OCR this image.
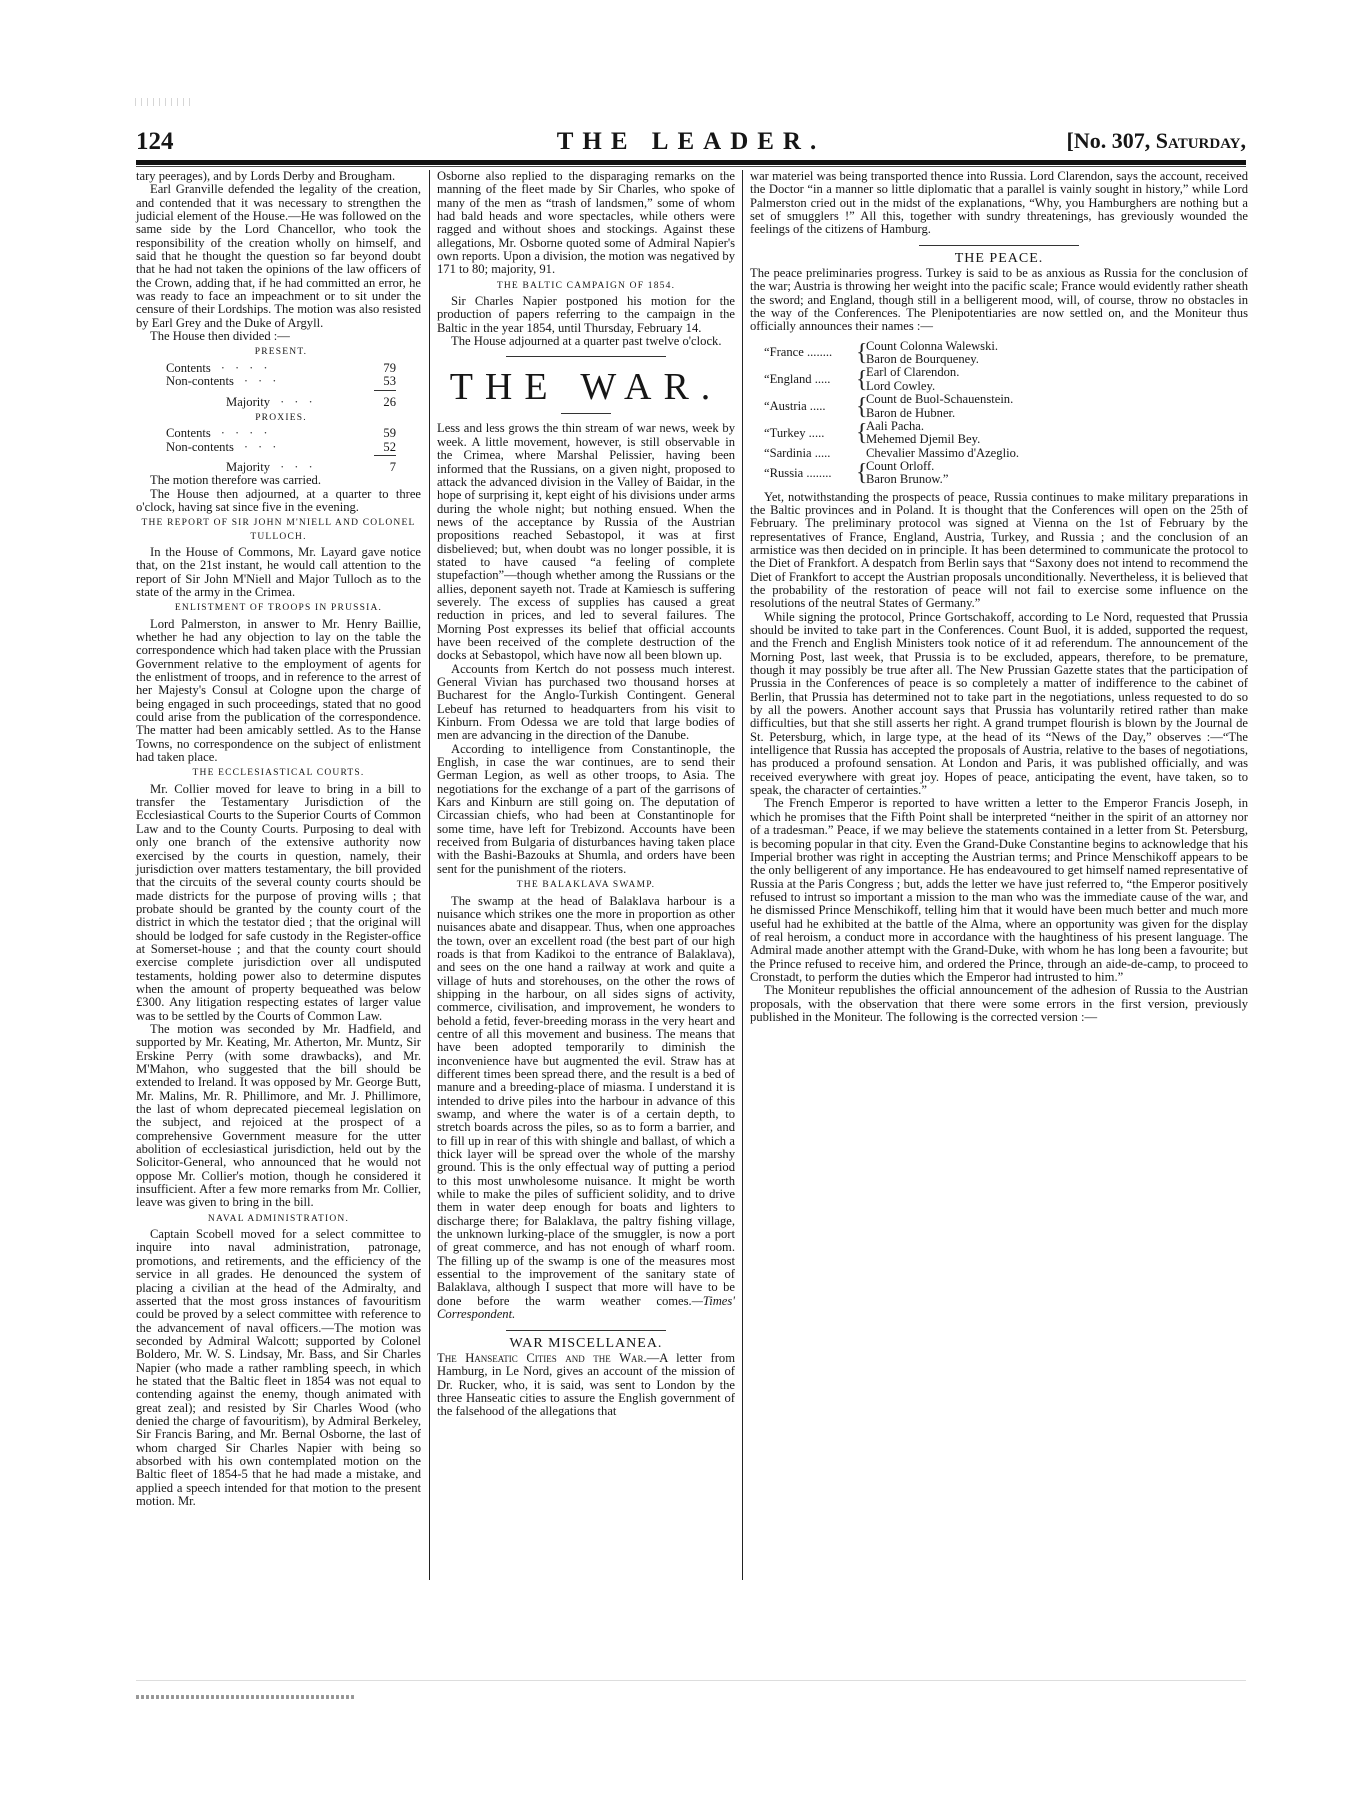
124	THE LEADER.	[No. 307, Saturday,

tary peerages), and by Lords Derby and Brougham.

Earl Granville defended the legality of the creation, and contended that it was necessary to strengthen the judicial element of the House.—He was followed on the same side by the Lord Chancellor, who took the responsibility of the creation wholly on himself, and said that he thought the question so far beyond doubt that he had not taken the opinions of the law officers of the Crown, adding that, if he had committed an error, he was ready to face an impeachment or to sit under the censure of their Lordships. The motion was also resisted by Earl Grey and the Duke of Argyll.

The House then divided :—

PRESENT.
Contents ····	79
Non-contents ···	53
Majority ···	26
PROXIES.
Contents ····	59
Non-contents ···	52
Majority ···	7

The motion therefore was carried.

The House then adjourned, at a quarter to three o'clock, having sat since five in the evening.

THE REPORT OF SIR JOHN M'NIELL AND COLONEL TULLOCH.

In the House of Commons, Mr. Layard gave notice that, on the 21st instant, he would call attention to the report of Sir John M'Niell and Major Tulloch as to the state of the army in the Crimea.

ENLISTMENT OF TROOPS IN PRUSSIA.

Lord Palmerston, in answer to Mr. Henry Baillie, whether he had any objection to lay on the table the correspondence which had taken place with the Prussian Government relative to the employment of agents for the enlistment of troops, and in reference to the arrest of her Majesty's Consul at Cologne upon the charge of being engaged in such proceedings, stated that no good could arise from the publication of the correspondence. The matter had been amicably settled. As to the Hanse Towns, no correspondence on the subject of enlistment had taken place.

THE ECCLESIASTICAL COURTS.

Mr. Collier moved for leave to bring in a bill to transfer the Testamentary Jurisdiction of the Ecclesiastical Courts to the Superior Courts of Common Law and to the County Courts. Purposing to deal with only one branch of the extensive authority now exercised by the courts in question, namely, their jurisdiction over matters testamentary, the bill provided that the circuits of the several county courts should be made districts for the purpose of proving wills ; that probate should be granted by the county court of the district in which the testator died ; that the original will should be lodged for safe custody in the Register-office at Somerset-house ; and that the county court should exercise complete jurisdiction over all undisputed testaments, holding power also to determine disputes when the amount of property bequeathed was below £300. Any litigation respecting estates of larger value was to be settled by the Courts of Common Law.

The motion was seconded by Mr. Hadfield, and supported by Mr. Keating, Mr. Atherton, Mr. Muntz, Sir Erskine Perry (with some drawbacks), and Mr. M'Mahon, who suggested that the bill should be extended to Ireland. It was opposed by Mr. George Butt, Mr. Malins, Mr. R. Phillimore, and Mr. J. Phillimore, the last of whom deprecated piecemeal legislation on the subject, and rejoiced at the prospect of a comprehensive Government measure for the utter abolition of ecclesiastical jurisdiction, held out by the Solicitor-General, who announced that he would not oppose Mr. Collier's motion, though he considered it insufficient. After a few more remarks from Mr. Collier, leave was given to bring in the bill.

NAVAL ADMINISTRATION.

Captain Scobell moved for a select committee to inquire into naval administration, patronage, promotions, and retirements, and the efficiency of the service in all grades. He denounced the system of placing a civilian at the head of the Admiralty, and asserted that the most gross instances of favouritism could be proved by a select committee with reference to the advancement of naval officers.—The motion was seconded by Admiral Walcott; supported by Colonel Boldero, Mr. W. S. Lindsay, Mr. Bass, and Sir Charles Napier (who made a rather rambling speech, in which he stated that the Baltic fleet in 1854 was not equal to contending against the enemy, though animated with great zeal); and resisted by Sir Charles Wood (who denied the charge of favouritism), by Admiral Berkeley, Sir Francis Baring, and Mr. Bernal Osborne, the last of whom charged Sir Charles Napier with being so absorbed with his own contemplated motion on the Baltic fleet of 1854-5 that he had made a mistake, and applied a speech intended for that motion to the present motion. Mr.

Osborne also replied to the disparaging remarks on the manning of the fleet made by Sir Charles, who spoke of many of the men as “trash of landsmen,” some of whom had bald heads and wore spectacles, while others were ragged and without shoes and stockings. Against these allegations, Mr. Osborne quoted some of Admiral Napier's own reports. Upon a division, the motion was negatived by 171 to 80; majority, 91.

THE BALTIC CAMPAIGN OF 1854.

Sir Charles Napier postponed his motion for the production of papers referring to the campaign in the Baltic in the year 1854, until Thursday, February 14.

The House adjourned at a quarter past twelve o'clock.

THE WAR.

Less and less grows the thin stream of war news, week by week. A little movement, however, is still observable in the Crimea, where Marshal Pelissier, having been informed that the Russians, on a given night, proposed to attack the advanced division in the Valley of Baidar, in the hope of surprising it, kept eight of his divisions under arms during the whole night; but nothing ensued. When the news of the acceptance by Russia of the Austrian propositions reached Sebastopol, it was at first disbelieved; but, when doubt was no longer possible, it is stated to have caused “a feeling of complete stupefaction”—though whether among the Russians or the allies, deponent sayeth not. Trade at Kamiesch is suffering severely. The excess of supplies has caused a great reduction in prices, and led to several failures. The Morning Post expresses its belief that official accounts have been received of the complete destruction of the docks at Sebastopol, which have now all been blown up.

Accounts from Kertch do not possess much interest. General Vivian has purchased two thousand horses at Bucharest for the Anglo-Turkish Contingent. General Lebeuf has returned to headquarters from his visit to Kinburn. From Odessa we are told that large bodies of men are advancing in the direction of the Danube.

According to intelligence from Constantinople, the English, in case the war continues, are to send their German Legion, as well as other troops, to Asia. The negotiations for the exchange of a part of the garrisons of Kars and Kinburn are still going on. The deputation of Circassian chiefs, who had been at Constantinople for some time, have left for Trebizond. Accounts have been received from Bulgaria of disturbances having taken place with the Bashi-Bazouks at Shumla, and orders have been sent for the punishment of the rioters.

THE BALAKLAVA SWAMP.

The swamp at the head of Balaklava harbour is a nuisance which strikes one the more in proportion as other nuisances abate and disappear. Thus, when one approaches the town, over an excellent road (the best part of our high roads is that from Kadikoi to the entrance of Balaklava), and sees on the one hand a railway at work and quite a village of huts and storehouses, on the other the rows of shipping in the harbour, on all sides signs of activity, commerce, civilisation, and improvement, he wonders to behold a fetid, fever-breeding morass in the very heart and centre of all this movement and business. The means that have been adopted temporarily to diminish the inconvenience have but augmented the evil. Straw has at different times been spread there, and the result is a bed of manure and a breeding-place of miasma. I understand it is intended to drive piles into the harbour in advance of this swamp, and where the water is of a certain depth, to stretch boards across the piles, so as to form a barrier, and to fill up in rear of this with shingle and ballast, of which a thick layer will be spread over the whole of the marshy ground. This is the only effectual way of putting a period to this most unwholesome nuisance. It might be worth while to make the piles of sufficient solidity, and to drive them in water deep enough for boats and lighters to discharge there; for Balaklava, the paltry fishing village, the unknown lurking-place of the smuggler, is now a port of great commerce, and has not enough of wharf room. The filling up of the swamp is one of the measures most essential to the improvement of the sanitary state of Balaklava, although I suspect that more will have to be done before the warm weather comes.—Times' Correspondent.

WAR MISCELLANEA.

The Hanseatic Cities and the War.—A letter from Hamburg, in Le Nord, gives an account of the mission of Dr. Rucker, who, it is said, was sent to London by the three Hanseatic cities to assure the English government of the falsehood of the allegations that

war materiel was being transported thence into Russia. Lord Clarendon, says the account, received the Doctor “in a manner so little diplomatic that a parallel is vainly sought in history,” while Lord Palmerston cried out in the midst of the explanations, “Why, you Hamburghers are nothing but a set of smugglers !” All this, together with sundry threatenings, has greviously wounded the feelings of the citizens of Hamburg.

THE PEACE.

The peace preliminaries progress. Turkey is said to be as anxious as Russia for the conclusion of the war; Austria is throwing her weight into the pacific scale; France would evidently rather sheath the sword; and England, though still in a belligerent mood, will, of course, throw no obstacles in the way of the Conferences. The Plenipotentiaries are now settled on, and the Moniteur thus officially announces their names :—

“France ........ {
Count Colonna Walewski.
Baron de Bourqueney.
“England .....	{
Earl of Clarendon.
Lord Cowley.
“Austria .....	{
Count de Buol-Schauenstein.
Baron de Hubner.
“Turkey .....	{
Aali Pacha.
Mehemed Djemil Bey.
“Sardinia .....	Chevalier Massimo d'Azeglio.
“Russia ........	{
Count Orloff.
Baron Brunow.”

Yet, notwithstanding the prospects of peace, Russia continues to make military preparations in the Baltic provinces and in Poland. It is thought that the Conferences will open on the 25th of February. The preliminary protocol was signed at Vienna on the 1st of February by the representatives of France, England, Austria, Turkey, and Russia ; and the conclusion of an armistice was then decided on in principle. It has been determined to communicate the protocol to the Diet of Frankfort. A despatch from Berlin says that “Saxony does not intend to recommend the Diet of Frankfort to accept the Austrian proposals unconditionally. Nevertheless, it is believed that the probability of the restoration of peace will not fail to exercise some influence on the resolutions of the neutral States of Germany.”

While signing the protocol, Prince Gortschakoff, according to Le Nord, requested that Prussia should be invited to take part in the Conferences. Count Buol, it is added, supported the request, and the French and English Ministers took notice of it ad referendum. The announcement of the Morning Post, last week, that Prussia is to be excluded, appears, therefore, to be premature, though it may possibly be true after all. The New Prussian Gazette states that the participation of Prussia in the Conferences of peace is so completely a matter of indifference to the cabinet of Berlin, that Prussia has determined not to take part in the negotiations, unless requested to do so by all the powers. Another account says that Prussia has voluntarily retired rather than make difficulties, but that she still asserts her right. A grand trumpet flourish is blown by the Journal de St. Petersburg, which, in large type, at the head of its “News of the Day,” observes :—“The intelligence that Russia has accepted the proposals of Austria, relative to the bases of negotiations, has produced a profound sensation. At London and Paris, it was published officially, and was received everywhere with great joy. Hopes of peace, anticipating the event, have taken, so to speak, the character of certainties.”

The French Emperor is reported to have written a letter to the Emperor Francis Joseph, in which he promises that the Fifth Point shall be interpreted “neither in the spirit of an attorney nor of a tradesman.” Peace, if we may believe the statements contained in a letter from St. Petersburg, is becoming popular in that city. Even the Grand-Duke Constantine begins to acknowledge that his Imperial brother was right in accepting the Austrian terms; and Prince Menschikoff appears to be the only belligerent of any importance. He has endeavoured to get himself named representative of Russia at the Paris Congress ; but, adds the letter we have just referred to, “the Emperor positively refused to intrust so important a mission to the man who was the immediate cause of the war, and he dismissed Prince Menschikoff, telling him that it would have been much better and much more useful had he exhibited at the battle of the Alma, where an opportunity was given for the display of real heroism, a conduct more in accordance with the haughtiness of his present language. The Admiral made another attempt with the Grand-Duke, with whom he has long been a favourite; but the Prince refused to receive him, and ordered the Prince, through an aide-de-camp, to proceed to Cronstadt, to perform the duties which the Emperor had intrusted to him.”

The Moniteur republishes the official announcement of the adhesion of Russia to the Austrian proposals, with the observation that there were some errors in the first version, previously published in the Moniteur. The following is the corrected version :—
